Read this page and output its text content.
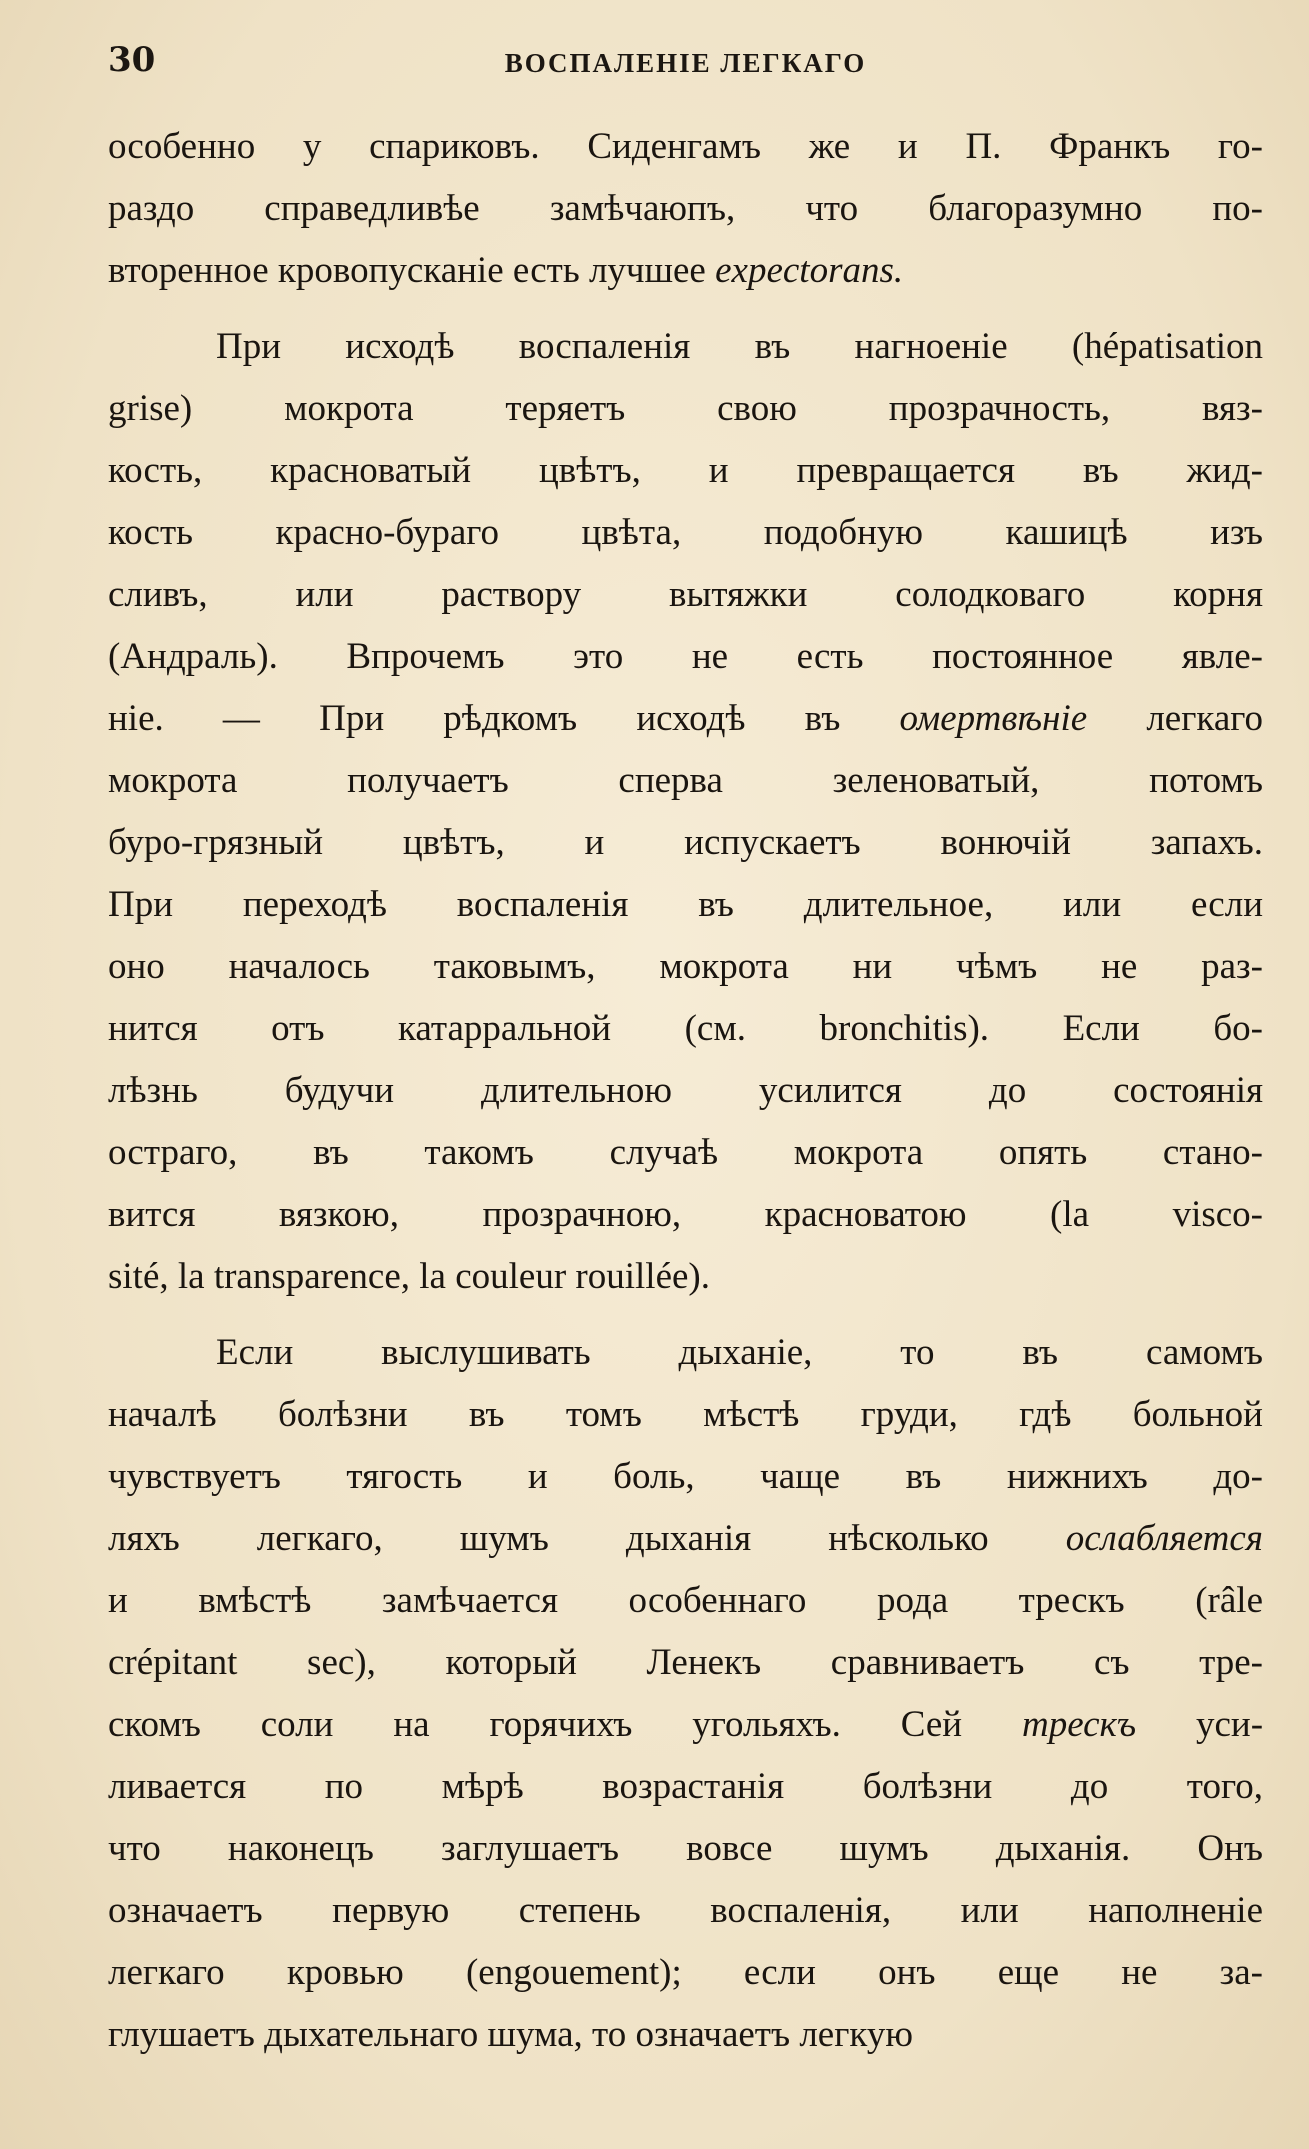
30	ВОСПАЛЕНІЕ ЛЕГКАГО
особенно у спариковъ. Сиденгамъ же и П. Франкъ го-
раздо справедливѣе замѣчаюпъ, что благоразумно по-
вторенное кровопусканіе есть лучшее expectorans.
При исходѣ воспаленія въ нагноеніе (hépatisation
grise) мокрота теряетъ свою прозрачность, вяз-
кость, красноватый цвѣтъ, и превращается въ жид-
кость красно-бураго цвѣта, подобную кашицѣ изъ
сливъ, или раствору вытяжки солодковаго корня
(Андраль). Впрочемъ это не есть постоянное явле-
ніе. — При рѣдкомъ исходѣ въ омертвѣніе легкаго
мокрота получаетъ сперва зеленоватый, потомъ
буро-грязный цвѣтъ, и испускаетъ вонючій запахъ.
При переходѣ воспаленія въ длительное, или если
оно началось таковымъ, мокрота ни чѣмъ не раз-
нится отъ катарральной (см. bronchitis). Если бо-
лѣзнь будучи длительною усилится до состоянія
остраго, въ такомъ случаѣ мокрота опять стано-
вится вязкою, прозрачною, красноватою (la visco-
sité, la transparence, la couleur rouillée).
Если выслушивать дыханіе, то въ самомъ
началѣ болѣзни въ томъ мѣстѣ груди, гдѣ больной
чувствуетъ тягость и боль, чаще въ нижнихъ до-
ляхъ легкаго, шумъ дыханія нѣсколько ослабляется
и вмѣстѣ замѣчается особеннаго рода трескъ (râle
crépitant sec), который Ленекъ сравниваетъ съ тре-
скомъ соли на горячихъ угольяхъ. Сей трескъ уси-
ливается по мѣрѣ возрастанія болѣзни до того,
что наконецъ заглушаетъ вовсе шумъ дыханія. Онъ
означаетъ первую степень воспаленія, или наполненіе
легкаго кровью (engouement); если онъ еще не за-
глушаетъ дыхательнаго шума, то означаетъ легкую
